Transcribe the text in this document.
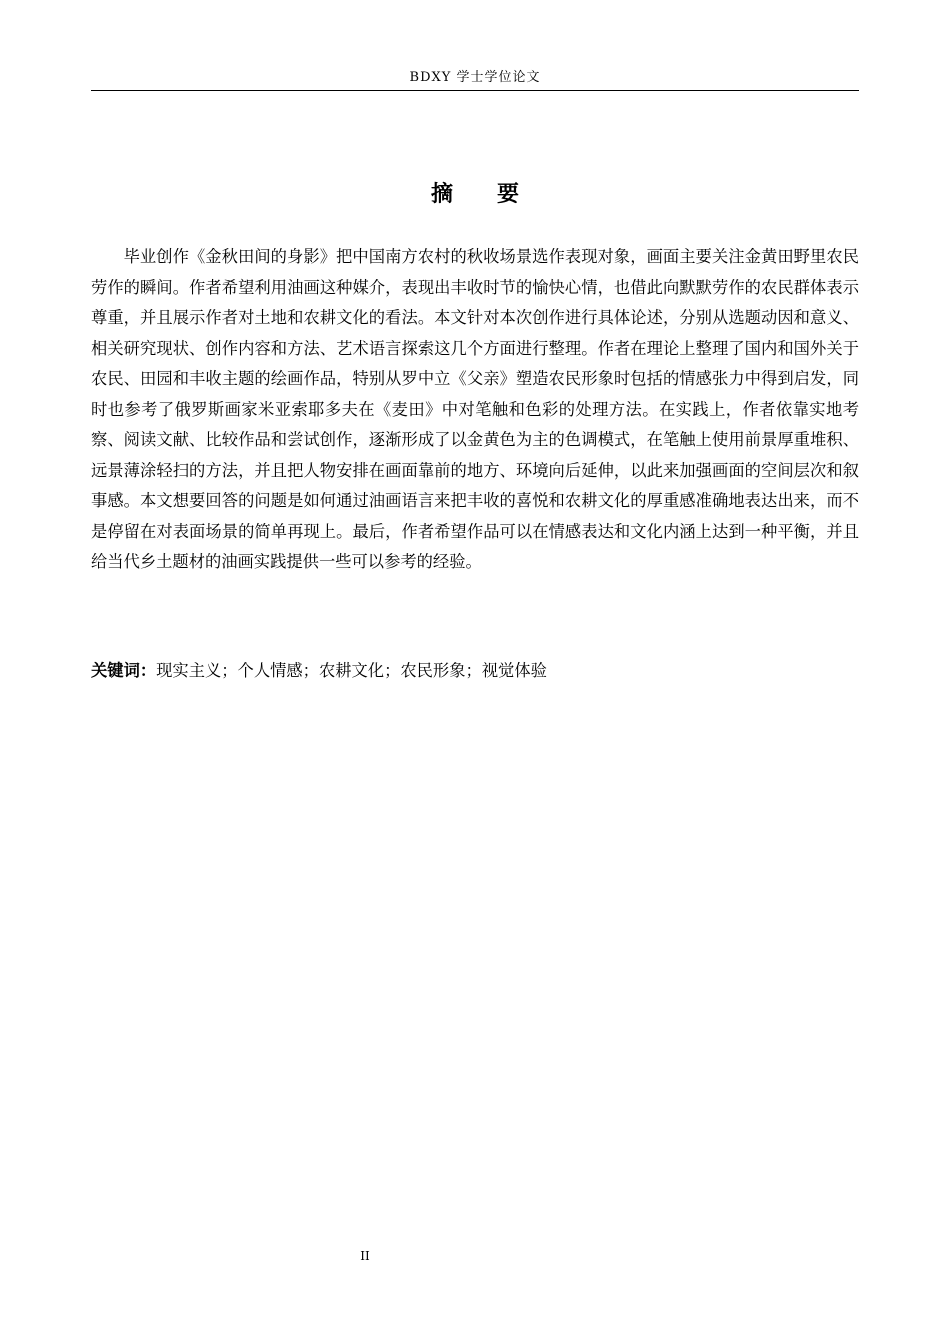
BDXY 学士学位论文
摘要

毕业创作《金秋田间的身影》把中国南方农村的秋收场景选作表现对象，画面主要关注金黄田野里农民劳作的瞬间。作者希望利用油画这种媒介，表现出丰收时节的愉快心情，也借此向默默劳作的农民群体表示尊重，并且展示作者对土地和农耕文化的看法。本文针对本次创作进行具体论述，分别从选题动因和意义、相关研究现状、创作内容和方法、艺术语言探索这几个方面进行整理。作者在理论上整理了国内和国外关于农民、田园和丰收主题的绘画作品，特别从罗中立《父亲》塑造农民形象时包括的情感张力中得到启发，同时也参考了俄罗斯画家米亚索耶多夫在《麦田》中对笔触和色彩的处理方法。在实践上，作者依靠实地考察、阅读文献、比较作品和尝试创作，逐渐形成了以金黄色为主的色调模式，在笔触上使用前景厚重堆积、远景薄涂轻扫的方法，并且把人物安排在画面靠前的地方、环境向后延伸，以此来加强画面的空间层次和叙事感。本文想要回答的问题是如何通过油画语言来把丰收的喜悦和农耕文化的厚重感准确地表达出来，而不是停留在对表面场景的简单再现上。最后，作者希望作品可以在情感表达和文化内涵上达到一种平衡，并且给当代乡土题材的油画实践提供一些可以参考的经验。

关键词：现实主义；个人情感；农耕文化；农民形象；视觉体验

II
